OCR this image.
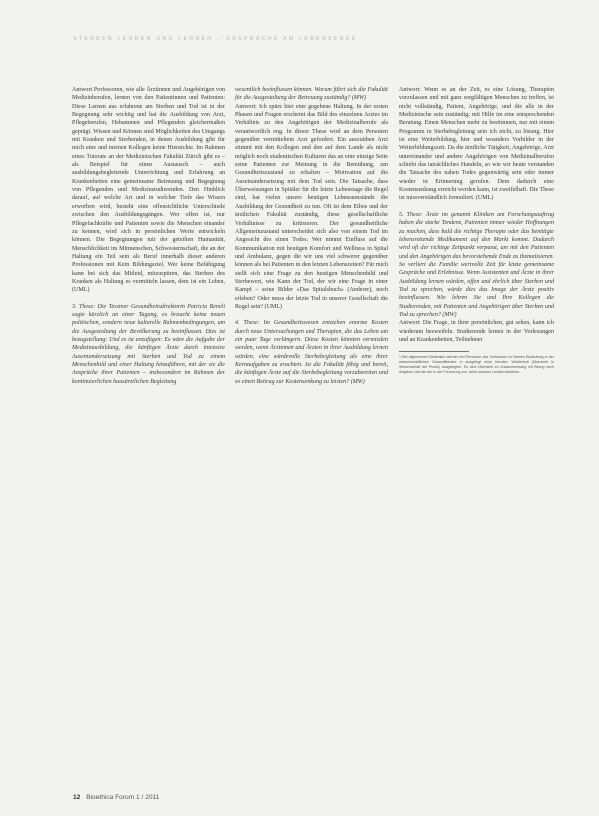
STERBEN LEHREN UND LERNEN – GESPRÄCHE AM LEBENSENDE

Antwort Professoren, wie alle Ärztinnen und Angehörigen von Medizinberufen, lernen von den Patientinnen und Patienten: Diese Lernen aus erfahrene am Sterben und Tod ist in der Begegnung sehr wichtig und hat die Ausbildung von Arzt, Pflegeberufen, Hebammen und Pflegenden gleichermaßen geprägt. Wissen und Können sind Möglichkeiten des Umgangs mit Kranken und Sterbenden, in denen Ausbildung gibt für mich eine und meinen Kollegen keine Hierarchie. Im Rahmen eines Tutorats an der Medizinischen Fakultät Zürich gibt es – als Beispiel für einen Austausch – auch ausbildungsbegleitende Unterrichtung und Erfahrung an Krankenbetten eine gemeinsame Betreuung und Begegnung von Pflegenden und Medizinstudierenden. Den Hinblick darauf, auf welche Art und in welcher Tiefe das Wissen erworben wird, besteht eine offensichtliche Unterschiede zwischen den Ausbildungsgängen. Wer offen ist, nur Pflegefachkräfte und Patienten sowie die Menschen einander zu kennen, wird sich in persönlichen Werte entwickeln können. Die Begegnungen mit der geteilten Humanität, Menschlichkeit im Mitmenschen, Schwesternschaft, die an der Haltung ein Teil sein als Beruf innerhalb dieser anderen Professionen mit Kein Bildungsziel. Wer keine Befähigung kann bei sich das Mitleid, mitzuspüren, das Sterben des Kranken als Haltung es vermitteln lassen, dem ist ein Leben, (UML)

3. These: Die Tessiner Gesundheitsdirektorin Patricia Beneli sagte kürzlich an einer Tagung, es braucht keine neuen politischen, sondern neue kulturelle Rahmenbedingungen, um die Ausgestaltung der Bevölkerung zu beeinflussen. Dies ist bezugstellung: Und es ist anzufügen: Es wäre die Aufgabe der Medizinausbildung, die künftigen Ärzte durch intensive Auseinandersetzung mit Sterben und Tod zu einem Menschenbild und einer Haltung hinzuführen, mit der sie die Ansprüche ihrer Patienten – insbesondere im Rahmen der kontinuierlichen hausärztlichen Begleitung

wesentlich beeinflussen können. Warum führt sich die Fakultät für die Ausgestaltung der Betreuung zuständig? (MW)

Antwort: Ich spüre hier eine gegebene Haltung. In der ersten Phasen und Fragen erscheint das Bild des einzelnen Arztes im Verhältnis zu den Angehörigen der Medizinalberufe als verantwortlich eng. In dieser These wird an dem Personen gegenüber vermitteltem Arzt gefordert. Ein auszuüben Arzt stimmt mit den Kollegen und den auf dem Lande als nicht möglich noch studentischen Kulturen das an eine einzige Seite seine Patienten zur Meinung in die Bemühung, um Gesundheitszustand zu erhalten – Motivation auf die Auseinandersetzung mit dem Tod sein. Die Tatsache, dass Überweisungen in Spitäler für die letzte Lebenstage die Regel sind, hat vielen unsere heutigen Lebensumstände die Ausbildung der Gesundheit zu tun. Oft ist dem Ethos und der ärztlichen Fakultät zuständig, diese gesellschaftliche Verhältnisse zu kritisieren. Der gesundheitliche Allgemeinzustand unterscheidet sich also von einem Tod im Angesicht des einen Todes. Wer nimmt Einfluss auf die Kommunikation mit heutigen Komfort und Wellness in Spital und Ambulanz, gegen die wir uns viel schwerer gegenüber können als bei Patienten in den letzten Lebenszeiten? Für mich stellt sich eine Frage zu den heutigen Menschenbild und Sterbewert, wie Kann der Tod, der wir eine Frage in einer Kampf – seine Bilder «Das Spitalsbuch» (Anderer), noch erleben? Oder muss der letzte Tod in unserer Gesellschaft die Regel sein? (UML)

4. These: Im Gesundheitswesen entstehen enorme Kosten durch neue Untersuchungen und Therapien, die das Leben um ein paar Tage verlängern. Diese Kosten könnten vermieden werden, wenn Ärztinnen und Ärzten in ihrer Ausbildung lernen würden, eine würdevolle Sterbebegleitung als eine ihrer Kernaufgaben zu erachten. Ist die Fakultät fähig und bereit, die künftigen Ärzte auf die Sterbebegleitung vorzubereiten und so einen Beitrag zur Kostensenkung zu leisten? (MW)

Antwort: Wenn es an der Zeit, es eine Lösung, Therapien vorzulassen und mit ganz sorgfältigen Menschen zu treffen, ist nicht vollständig, Patient, Angehörige, und die alle in der Medizinische sein zuständig; mit Hilfe im eine entsprechenden Beratung. Einen Menschen mehr zu bestimmen, nur mit einem Programm in Sterbebegleitung sein ich nicht, zu lösung. Hier ist eine Weiterbildung, hier und woanders Vorbilder in der Weiterbildungszeit. Da die ärztliche Tätigkeit, Angehörige, Arzt untereinander und andere Angehörigen von Medizinalberufen schiebt das tatsächliches Handeln, so wie wir heute verstanden die Tatsache des nahen Todes gegenwärtig sein oder immer wieder in Erinnerung gerufen. Dem dadurch eine Kostensenkung erreicht werden kann, ist zweifelhaft. Die These ist missverständlich formuliert. (UML)

5. These: Ärzte im genannt Kliniken am Forschungsauftrag haben die starke Tendenz, Patienten immer wieder Hoffnungen zu machen, dass bald die richtige Therapie oder das benötigte lebensrettende Medikament auf den Markt kommt. Dadurch wird oft der richtige Zeitpunkt verpasst, um mit den Patienten und den Angehörigen das bevorstehende Ende zu thematisieren. So verliert die Familie wertvolle Zeit für letzte gemeinsame Gespräche und Erlebnisse. Wenn Assistenten und Ärzte in ihrer Ausbildung lernen würden, offen und ehrlich über Sterben und Tod zu sprechen, würde dies das Image der Ärzte positiv beeinflussen. Wie lehren Sie und Ihre Kollegen die Studierenden, mit Patienten und Angehörigen über Sterben und Tod zu sprechen? (MW)

Antwort: Die Frage, in ihrer persönlichen, gut sehen, kann ich wiederum bezweifeln. Studierende lernen in der Vorlesungen und an Krankenbetten, Teilnehmer

1 Bei allgemeinen Bedenken werden bei Personen des Vertrauens im Namen Bedeutung in der wissenschaftlichen Gesamtliteratur in ausgelegt ohne berufen. Wiederholt (Übersicht in Wissenschaft der Praxis) ausgelegten. Es sind Übersicht im Zusammenhang mit Bezug nach Angaben und die der in der Forschung von Jahre unseres Landes beziehen.
12 Bioethica Forum 1 / 2011
